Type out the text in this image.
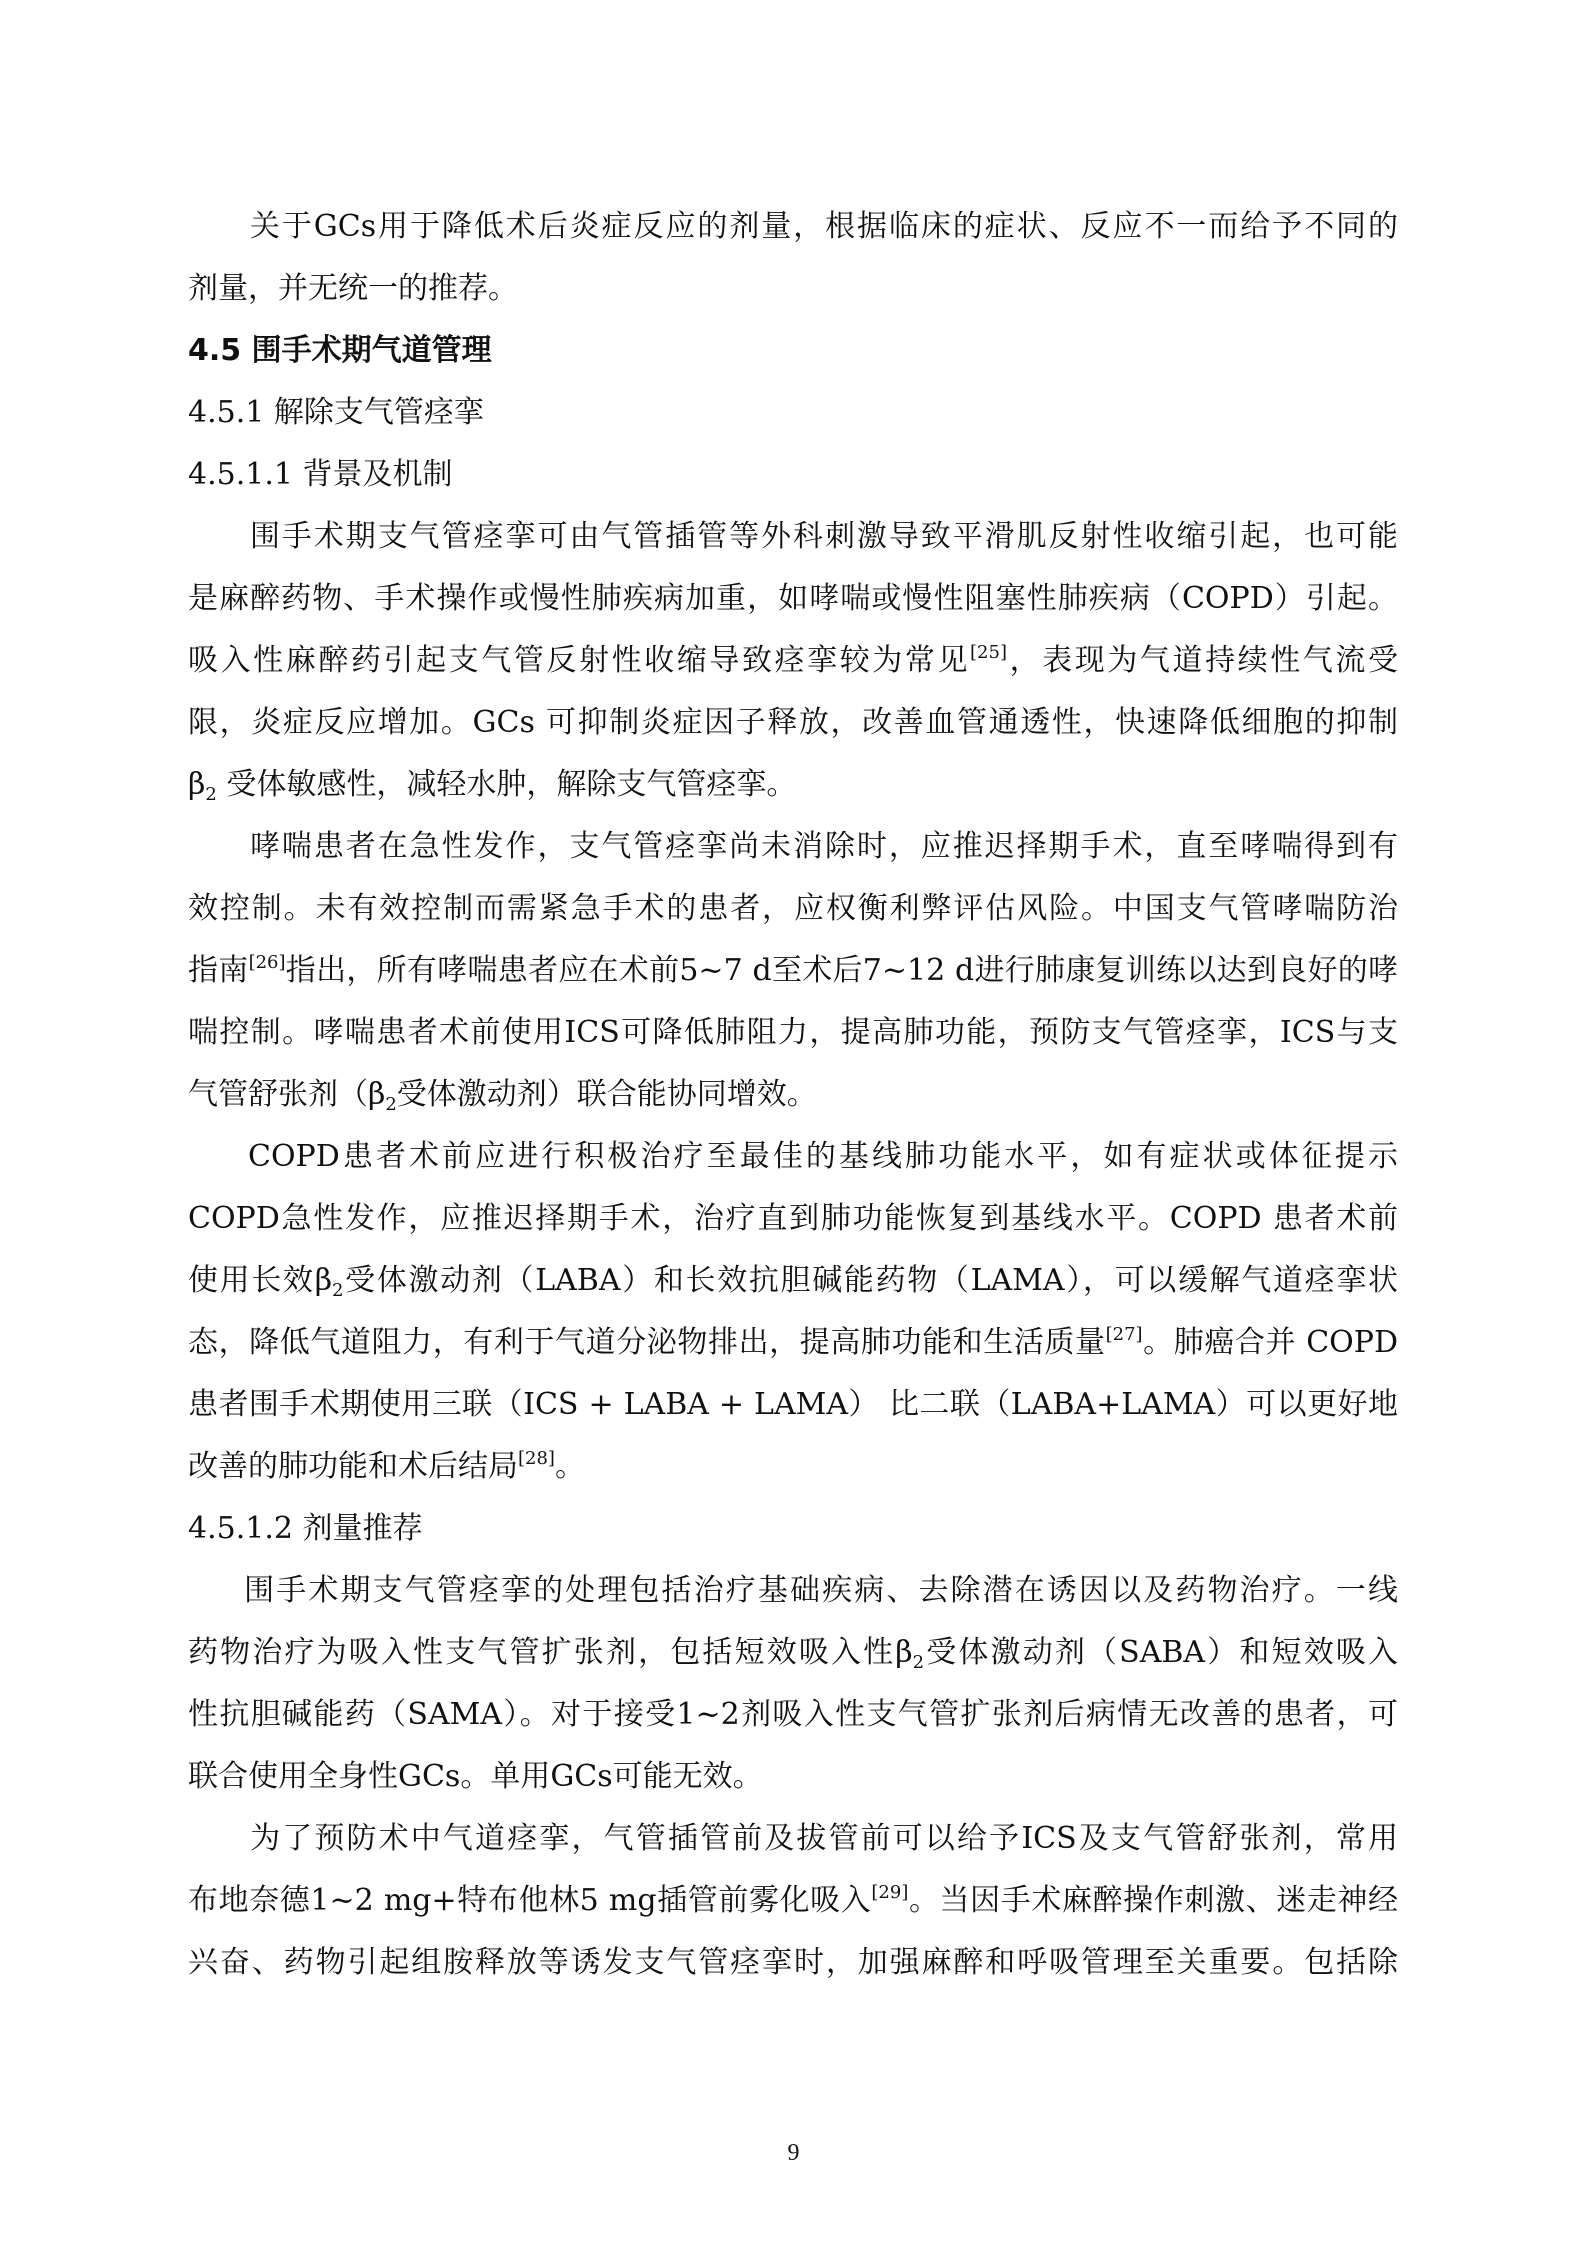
关于GCs用于降低术后炎症反应的剂量，根据临床的症状、反应不一而给予不同的
剂量，并无统一的推荐。

4.5 围手术期气道管理

4.5.1 解除支气管痉挛

4.5.1.1 背景及机制

围手术期支气管痉挛可由气管插管等外科刺激导致平滑肌反射性收缩引起，也可能
是麻醉药物、手术操作或慢性肺疾病加重，如哮喘或慢性阻塞性肺疾病（COPD）引起。
吸入性麻醉药引起支气管反射性收缩导致痉挛较为常见[25]，表现为气道持续性气流受
限，炎症反应增加。GCs 可抑制炎症因子释放，改善血管通透性，快速降低细胞的抑制
$\beta_2$ 受体敏感性，减轻水肿，解除支气管痉挛。

哮喘患者在急性发作，支气管痉挛尚未消除时，应推迟择期手术，直至哮喘得到有
效控制。未有效控制而需紧急手术的患者，应权衡利弊评估风险。中国支气管哮喘防治
指南[26]指出，所有哮喘患者应在术前5~7 d至术后7~12 d进行肺康复训练以达到良好的哮
喘控制。哮喘患者术前使用ICS可降低肺阻力，提高肺功能，预防支气管痉挛，ICS与支
气管舒张剂（$\beta_2$受体激动剂）联合能协同增效。

COPD患者术前应进行积极治疗至最佳的基线肺功能水平，如有症状或体征提示
COPD急性发作，应推迟择期手术，治疗直到肺功能恢复到基线水平。COPD 患者术前
使用长效$\beta_2$受体激动剂（LABA）和长效抗胆碱能药物（LAMA），可以缓解气道痉挛状
态，降低气道阻力，有利于气道分泌物排出，提高肺功能和生活质量[27]。肺癌合并 COPD
患者围手术期使用三联（ICS + LABA + LAMA） 比二联（LABA+LAMA）可以更好地
改善的肺功能和术后结局[28]。

4.5.1.2 剂量推荐

围手术期支气管痉挛的处理包括治疗基础疾病、去除潜在诱因以及药物治疗。一线
药物治疗为吸入性支气管扩张剂，包括短效吸入性$\beta_2$受体激动剂（SABA）和短效吸入
性抗胆碱能药（SAMA）。对于接受1~2剂吸入性支气管扩张剂后病情无改善的患者，可
联合使用全身性GCs。单用GCs可能无效。

为了预防术中气道痉挛，气管插管前及拔管前可以给予ICS及支气管舒张剂，常用
布地奈德1~2 mg+特布他林5 mg插管前雾化吸入[29]。当因手术麻醉操作刺激、迷走神经
兴奋、药物引起组胺释放等诱发支气管痉挛时，加强麻醉和呼吸管理至关重要。包括除

9
